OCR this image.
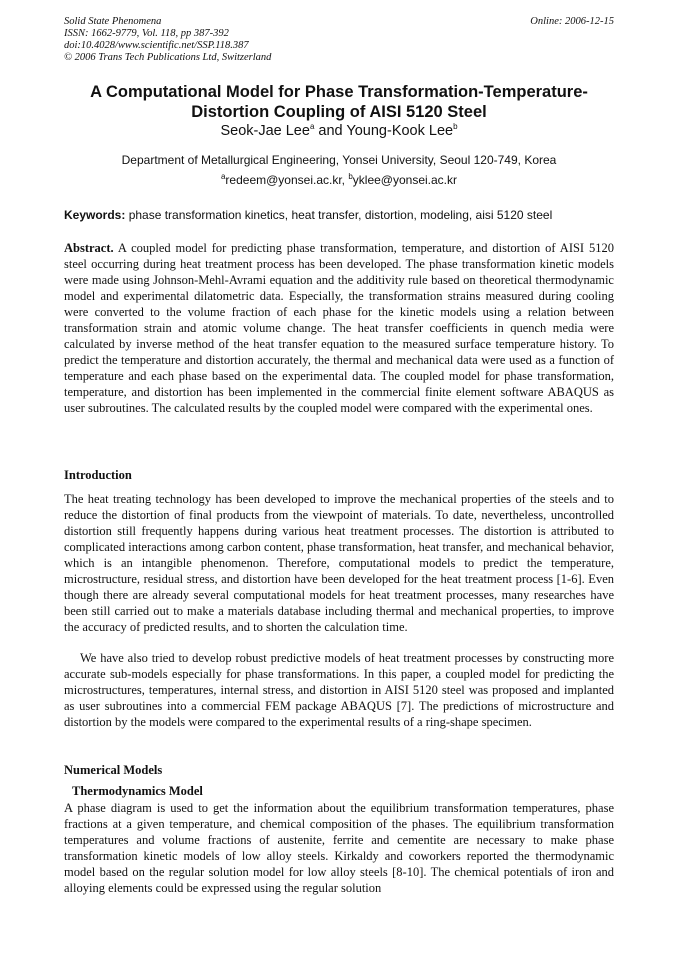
Solid State Phenomena
ISSN: 1662-9779, Vol. 118, pp 387-392
doi:10.4028/www.scientific.net/SSP.118.387
© 2006 Trans Tech Publications Ltd, Switzerland
Online: 2006-12-15
A Computational Model for Phase Transformation-Temperature-
Distortion Coupling of AISI 5120 Steel
Seok-Jae Lee$^a$ and Young-Kook Lee$^b$
Department of Metallurgical Engineering, Yonsei University, Seoul 120-749, Korea
$^a$redeem@yonsei.ac.kr, $^b$yklee@yonsei.ac.kr
Keywords: phase transformation kinetics, heat transfer, distortion, modeling, aisi 5120 steel
Abstract. A coupled model for predicting phase transformation, temperature, and distortion of AISI 5120 steel occurring during heat treatment process has been developed. The phase transformation kinetic models were made using Johnson-Mehl-Avrami equation and the additivity rule based on theoretical thermodynamic model and experimental dilatometric data. Especially, the transformation strains measured during cooling were converted to the volume fraction of each phase for the kinetic models using a relation between transformation strain and atomic volume change. The heat transfer coefficients in quench media were calculated by inverse method of the heat transfer equation to the measured surface temperature history. To predict the temperature and distortion accurately, the thermal and mechanical data were used as a function of temperature and each phase based on the experimental data. The coupled model for phase transformation, temperature, and distortion has been implemented in the commercial finite element software ABAQUS as user subroutines. The calculated results by the coupled model were compared with the experimental ones.
Introduction
The heat treating technology has been developed to improve the mechanical properties of the steels and to reduce the distortion of final products from the viewpoint of materials. To date, nevertheless, uncontrolled distortion still frequently happens during various heat treatment processes. The distortion is attributed to complicated interactions among carbon content, phase transformation, heat transfer, and mechanical behavior, which is an intangible phenomenon. Therefore, computational models to predict the temperature, microstructure, residual stress, and distortion have been developed for the heat treatment process [1-6]. Even though there are already several computational models for heat treatment processes, many researches have been still carried out to make a materials database including thermal and mechanical properties, to improve the accuracy of predicted results, and to shorten the calculation time.
We have also tried to develop robust predictive models of heat treatment processes by constructing more accurate sub-models especially for phase transformations. In this paper, a coupled model for predicting the microstructures, temperatures, internal stress, and distortion in AISI 5120 steel was proposed and implanted as user subroutines into a commercial FEM package ABAQUS [7]. The predictions of microstructure and distortion by the models were compared to the experimental results of a ring-shape specimen.
Numerical Models
Thermodynamics Model
A phase diagram is used to get the information about the equilibrium transformation temperatures, phase fractions at a given temperature, and chemical composition of the phases. The equilibrium transformation temperatures and volume fractions of austenite, ferrite and cementite are necessary to make phase transformation kinetic models of low alloy steels. Kirkaldy and coworkers reported the thermodynamic model based on the regular solution model for low alloy steels [8-10]. The chemical potentials of iron and alloying elements could be expressed using the regular solution
